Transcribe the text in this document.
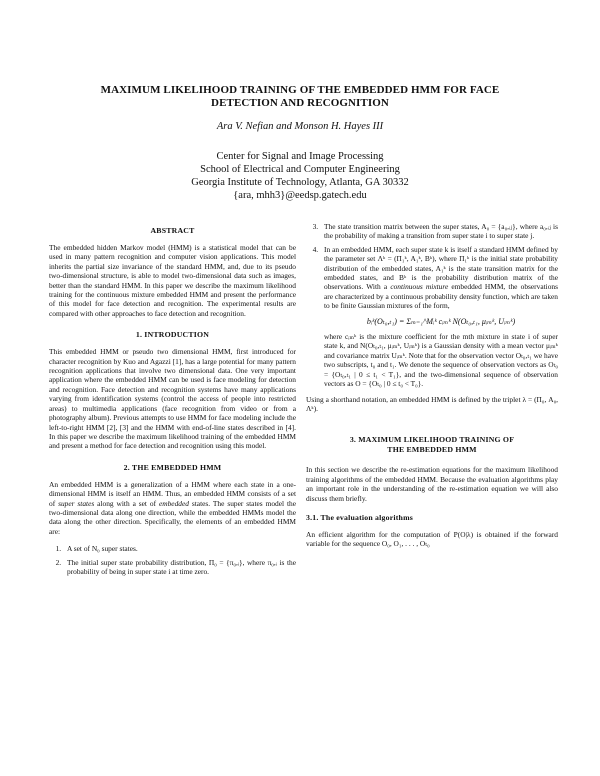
MAXIMUM LIKELIHOOD TRAINING OF THE EMBEDDED HMM FOR FACE
DETECTION AND RECOGNITION
Ara V. Nefian and Monson H. Hayes III
Center for Signal and Image Processing
School of Electrical and Computer Engineering
Georgia Institute of Technology, Atlanta, GA 30332
{ara, mhh3}@eedsp.gatech.edu
ABSTRACT

The embedded hidden Markov model (HMM) is a statistical model that can be used in many pattern recognition and computer vision applications. This model inherits the partial size invariance of the standard HMM, and, due to its pseudo two-dimensional structure, is able to model two-dimensional data such as images, better than the standard HMM. In this paper we describe the maximum likelihood training for the continuous mixture embedded HMM and present the performance of this model for face detection and recognition. The experimental results are compared with other approaches to face detection and recognition.

1. INTRODUCTION

This embedded HMM or pseudo two dimensional HMM, first introduced for character recognition by Kuo and Agazzi [1], has a large potential for many pattern recognition applications that involve two dimensional data. One very important application where the embedded HMM can be used is face modeling for detection and recognition. Face detection and recognition systems have many applications varying from identification systems (control the access of people into restricted areas) to multimedia applications (face recognition from video or from a photography album). Previous attempts to use HMM for face modeling include the left-to-right HMM [2], [3] and the HMM with end-of-line states described in [4]. In this paper we describe the maximum likelihood training of the embedded HMM and present a method for face detection and recognition using this model.

2. THE EMBEDDED HMM

An embedded HMM is a generalization of a HMM where each state in a one-dimensional HMM is itself an HMM. Thus, an embedded HMM consists of a set of super states along with a set of embedded states. The super states model the two-dimensional data along one direction, while the embedded HMMs model the data along the other direction. Specifically, the elements of an embedded HMM are:

1. A set of N₀ super states.
2. The initial super state probability distribution, Π₀ = {π₀,ᵢ}, where π₀,ᵢ is the probability of being in super state i at time zero.
3. The state transition matrix between the super states, A₀ = {a₀,ᵢⱼ}, where a₀,ᵢⱼ is the probability of making a transition from super state i to super state j.
4. In an embedded HMM, each super state k is itself a standard HMM defined by the parameter set Λᵏ = (Π₁ᵏ, A₁ᵏ, Bᵏ), where Π₁ᵏ is the initial state probability distribution of the embedded states, A₁ᵏ is the state transition matrix for the embedded states, and Bᵏ is the probability distribution matrix of the observations. With a continuous mixture embedded HMM, the observations are characterized by a continuous probability density function, which are taken to be finite Gaussian mixtures of the form,
bᵢᵏ(Oₜ₀,ₜ₁) = Σₘ₌₁^Mᵢᵏ cᵢₘᵏ N(Oₜ₀,ₜ₁, μᵢₘᵏ, Uᵢₘᵏ)
where cᵢₘᵏ is the mixture coefficient for the mth mixture in state i of super state k, and N(Oₜ₀,ₜ₁, μᵢₘᵏ, Uᵢₘᵏ) is a Gaussian density with a mean vector μᵢₘᵏ and covariance matrix Uᵢₘᵏ. Note that for the observation vector Oₜ₀,ₜ₁ we have two subscripts, t₀ and t₁. We denote the sequence of observation vectors as Oₜ₀ = {Oₜ₀,ₜ₁ | 0 ≤ t₁ < T₁}, and the two-dimensional sequence of observation vectors as O = {Oₜ₀ | 0 ≤ t₀ < T₀}.

Using a shorthand notation, an embedded HMM is defined by the triplet λ = (Π₀, A₀, Λᵏ).

3. MAXIMUM LIKELIHOOD TRAINING OF
THE EMBEDDED HMM

In this section we describe the re-estimation equations for the maximum likelihood training algorithms of the embedded HMM. Because the evaluation algorithms play an important role in the understanding of the re-estimation equation we will also discuss them briefly.

3.1. The evaluation algorithms

An efficient algorithm for the computation of P(O|λ) is obtained if the forward variable for the sequence O₀, O₁, . . . , Oₜ₀
